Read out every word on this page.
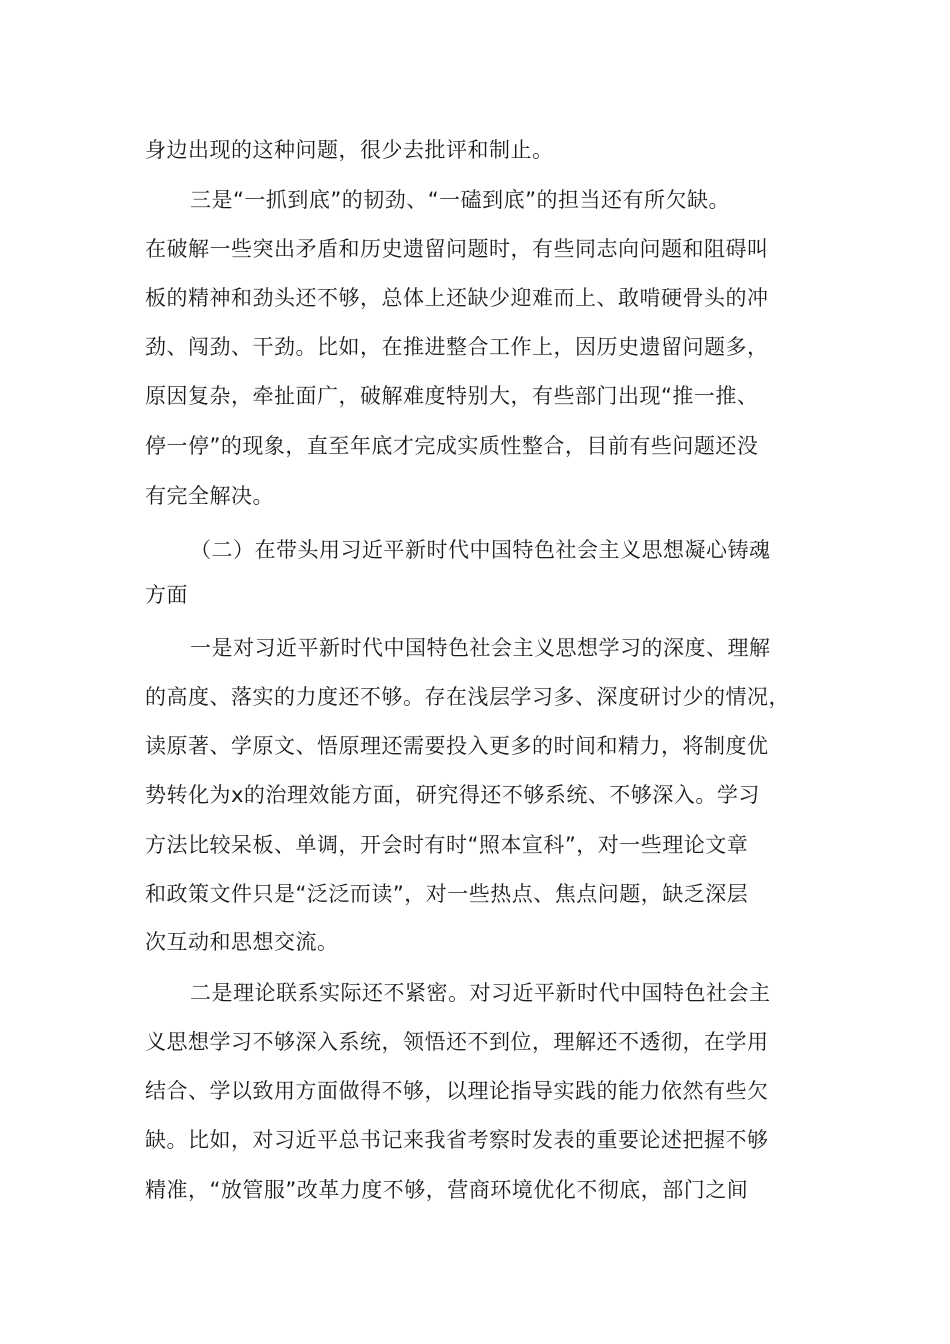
身边出现的这种问题，很少去批评和制止。
三是“一抓到底”的韧劲、“一磕到底”的担当还有所欠缺。
在破解一些突出矛盾和历史遗留问题时，有些同志向问题和阻碍叫
板的精神和劲头还不够，总体上还缺少迎难而上、敢啃硬骨头的冲
劲、闯劲、干劲。比如，在推进整合工作上，因历史遗留问题多，
原因复杂，牵扯面广，破解难度特别大，有些部门出现“推一推、
停一停”的现象，直至年底才完成实质性整合，目前有些问题还没
有完全解决。
（二）在带头用习近平新时代中国特色社会主义思想凝心铸魂
方面
一是对习近平新时代中国特色社会主义思想学习的深度、理解
的高度、落实的力度还不够。存在浅层学习多、深度研讨少的情况，
读原著、学原文、悟原理还需要投入更多的时间和精力，将制度优
势转化为x的治理效能方面，研究得还不够系统、不够深入。学习
方法比较呆板、单调，开会时有时“照本宣科”，对一些理论文章
和政策文件只是“泛泛而读”，对一些热点、焦点问题，缺乏深层
次互动和思想交流。
二是理论联系实际还不紧密。对习近平新时代中国特色社会主
义思想学习不够深入系统，领悟还不到位，理解还不透彻，在学用
结合、学以致用方面做得不够，以理论指导实践的能力依然有些欠
缺。比如，对习近平总书记来我省考察时发表的重要论述把握不够
精准，“放管服”改革力度不够，营商环境优化不彻底，部门之间
